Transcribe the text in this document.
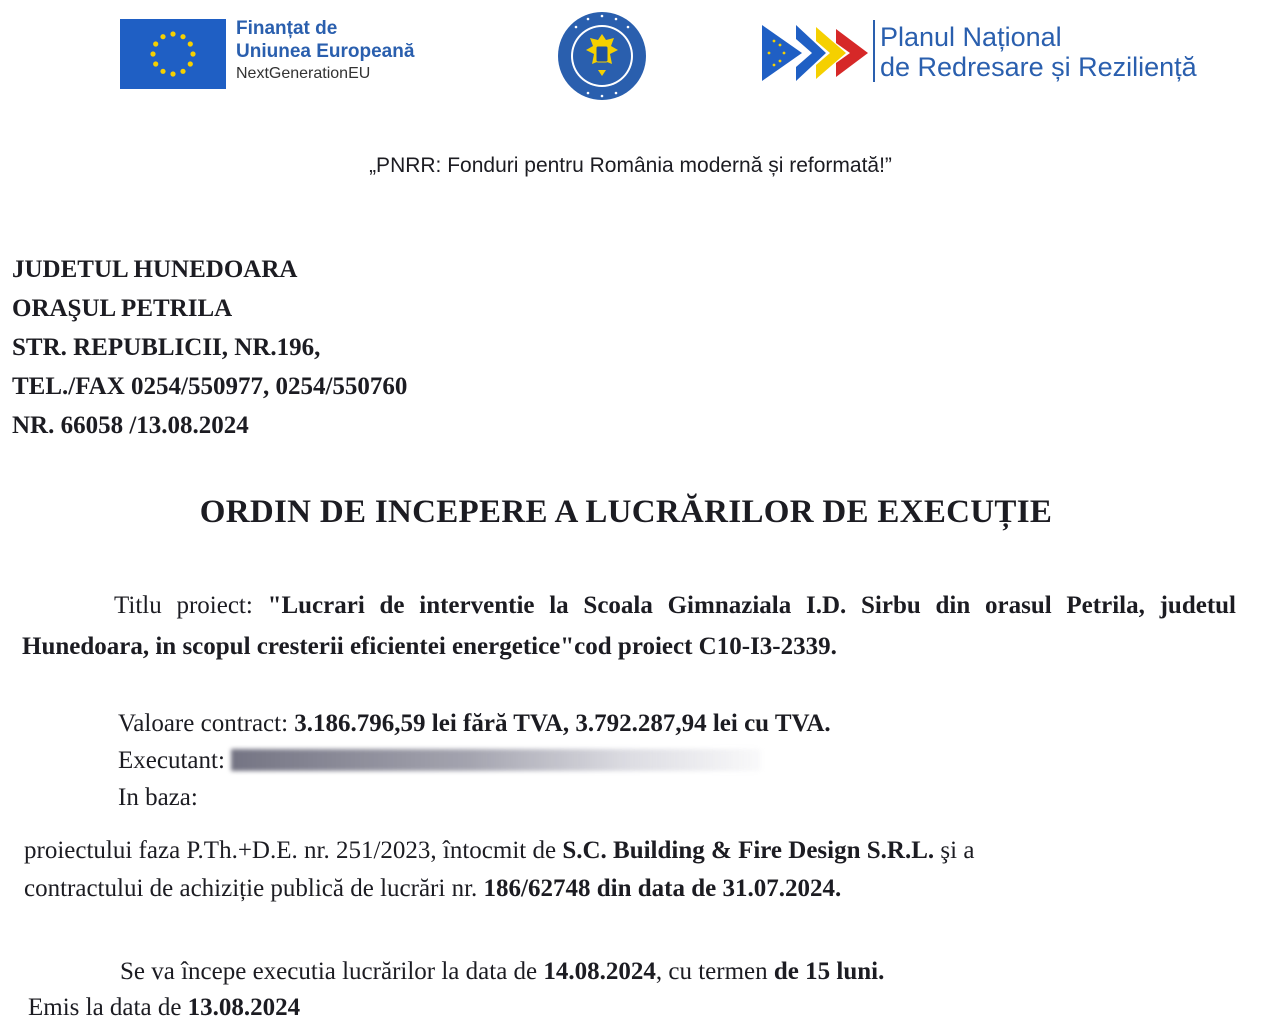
Finanțat de
Uniunea Europeană
NextGenerationEU
Planul Național
de Redresare și Reziliență
„PNRR: Fonduri pentru România modernă și reformată!”
JUDETUL HUNEDOARA
ORAŞUL PETRILA
STR. REPUBLICII, NR.196,
TEL./FAX 0254/550977, 0254/550760
NR. 66058 /13.08.2024
ORDIN DE INCEPERE A LUCRĂRILOR DE EXECUȚIE
Titlu proiect: "Lucrari de interventie la Scoala Gimnaziala I.D. Sirbu din orasul Petrila, judetul Hunedoara, in scopul cresterii eficientei energetice"cod proiect C10-I3-2339.
Valoare contract: 3.186.796,59 lei fără TVA, 3.792.287,94 lei cu TVA.
Executant:
In baza:
proiectului faza P.Th.+D.E. nr. 251/2023, întocmit de S.C. Building & Fire Design S.R.L. şi a
contractului de achiziție publică de lucrări nr. 186/62748 din data de 31.07.2024.
Se va începe executia lucrărilor la data de 14.08.2024, cu termen de 15 luni.
Emis la data de 13.08.2024
